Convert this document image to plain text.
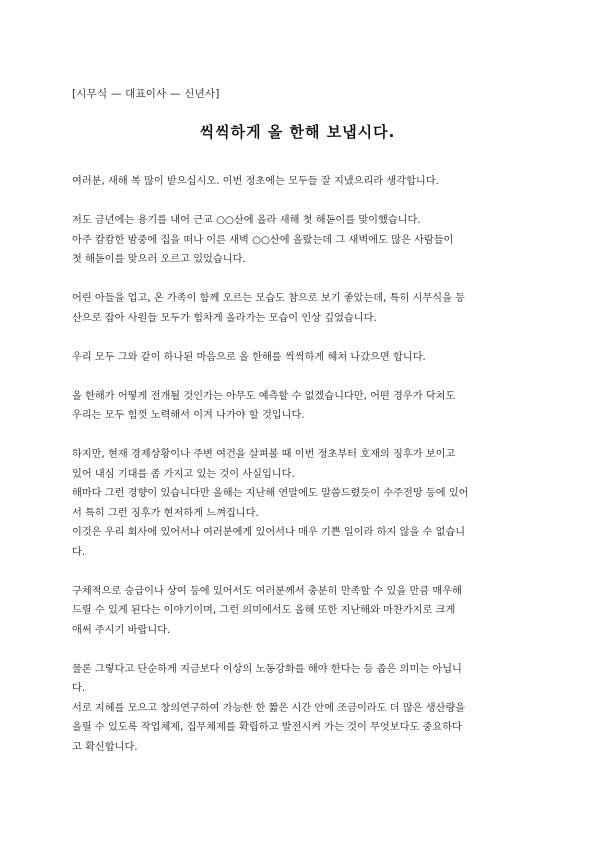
[시무식 — 대표이사 — 신년사]
씩씩하게 올 한해 보냅시다.

여러분, 새해 복 많이 받으십시오. 이번 정초에는 모두들 잘 지냈으리라 생각합니다.

저도 금년에는 용기를 내어 근교 ○○산에 올라 새해 첫 해돋이를 맞이했습니다.
아주 캄캄한 밤중에 집을 떠나 이른 새벽 ○○산에 올랐는데 그 새벽에도 많은 사람들이
첫 해돋이를 맞으러 오르고 있었습니다.

어린 아들을 업고, 온 가족이 함께 오르는 모습도 참으로 보기 좋았는데, 특히 시무식을 등
산으로 잡아 사원들 모두가 힘차게 올라가는 모습이 인상 깊었습니다.

우리 모두 그와 같이 하나된 마음으로 올 한해를 씩씩하게 헤쳐 나갔으면 합니다.

올 한해가 어떻게 전개될 것인가는 아무도 예측할 수 없겠습니다만, 어떤 경우가 닥쳐도
우리는 모두 힘껏 노력해서 이겨 나가야 할 것입니다.

하지만, 현재 경제상황이나 주변 여건을 살펴볼 때 이번 정초부터 호재의 징후가 보이고
있어 내심 기대를 좀 가지고 있는 것이 사실입니다.
해마다 그런 경향이 있습니다만 올해는 지난해 연말에도 말씀드렸듯이 수주전망 등에 있어
서 특히 그런 징후가 현저하게 느껴집니다.
이것은 우리 회사에 있어서나 여러분에게 있어서나 매우 기쁜 일이라 하지 않을 수 없습니
다.

구체적으로 승급이나 상여 등에 있어서도 여러분께서 충분히 만족할 수 있을 만큼 매우해
드릴 수 있게 된다는 이야기이며, 그런 의미에서도 올해 또한 지난해와 마찬가지로 크게
애써 주시기 바랍니다.

물론 그렇다고 단순하게 지금보다 이상의 노동강화를 해야 한다는 등 좁은 의미는 아닙니
다.
서로 지혜를 모으고 창의연구하여 가능한 한 짧은 시간 안에 조금이라도 더 많은 생산량을
올릴 수 있도록 작업체제, 집무체제를 확립하고 발전시켜 가는 것이 무엇보다도 중요하다
고 확신합니다.
